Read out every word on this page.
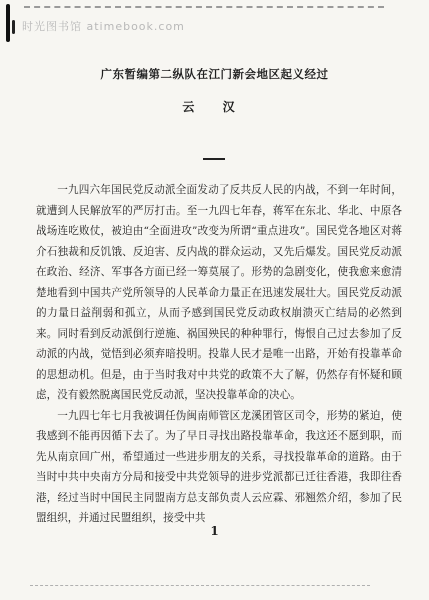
时光图书馆 atimebook.com
广东暂编第二纵队在江门新会地区起义经过
云 汉

一九四六年国民党反动派全面发动了反共反人民的内战，不到一年时间，就遭到人民解放军的严厉打击。至一九四七年春，蒋军在东北、华北、中原各战场连吃败仗，被迫由“全面进攻”改变为所谓“重点进攻”。国民党各地区对蒋介石独裁和反饥饿、反迫害、反内战的群众运动，又先后爆发。国民党反动派在政治、经济、军事各方面已经一筹莫展了。形势的急剧变化，使我愈来愈清楚地看到中国共产党所领导的人民革命力量正在迅速发展壮大。国民党反动派的力量日益削弱和孤立，从而予感到国民党反动政权崩溃灭亡结局的必然到来。同时看到反动派倒行逆施、祸国殃民的种种罪行，悔恨自己过去参加了反动派的内战，觉悟到必须弃暗投明。投靠人民才是唯一出路，开始有投靠革命的思想动机。但是，由于当时我对中共党的政策不大了解，仍然存有怀疑和顾虑，没有毅然脱离国民党反动派，坚决投靠革命的决心。

一九四七年七月我被调任伪闽南师管区龙溪团管区司令，形势的紧迫，使我感到不能再因循下去了。为了早日寻找出路投靠革命，我这还不愿到职，而先从南京回广州，希望通过一些进步朋友的关系，寻找投靠革命的道路。由于当时中共中央南方分局和接受中共党领导的进步党派都已迁往香港，我即往香港，经过当时中国民主同盟南方总支部负责人云应霖、邪翘然介绍，参加了民盟组织，并通过民盟组织，接受中共

1
